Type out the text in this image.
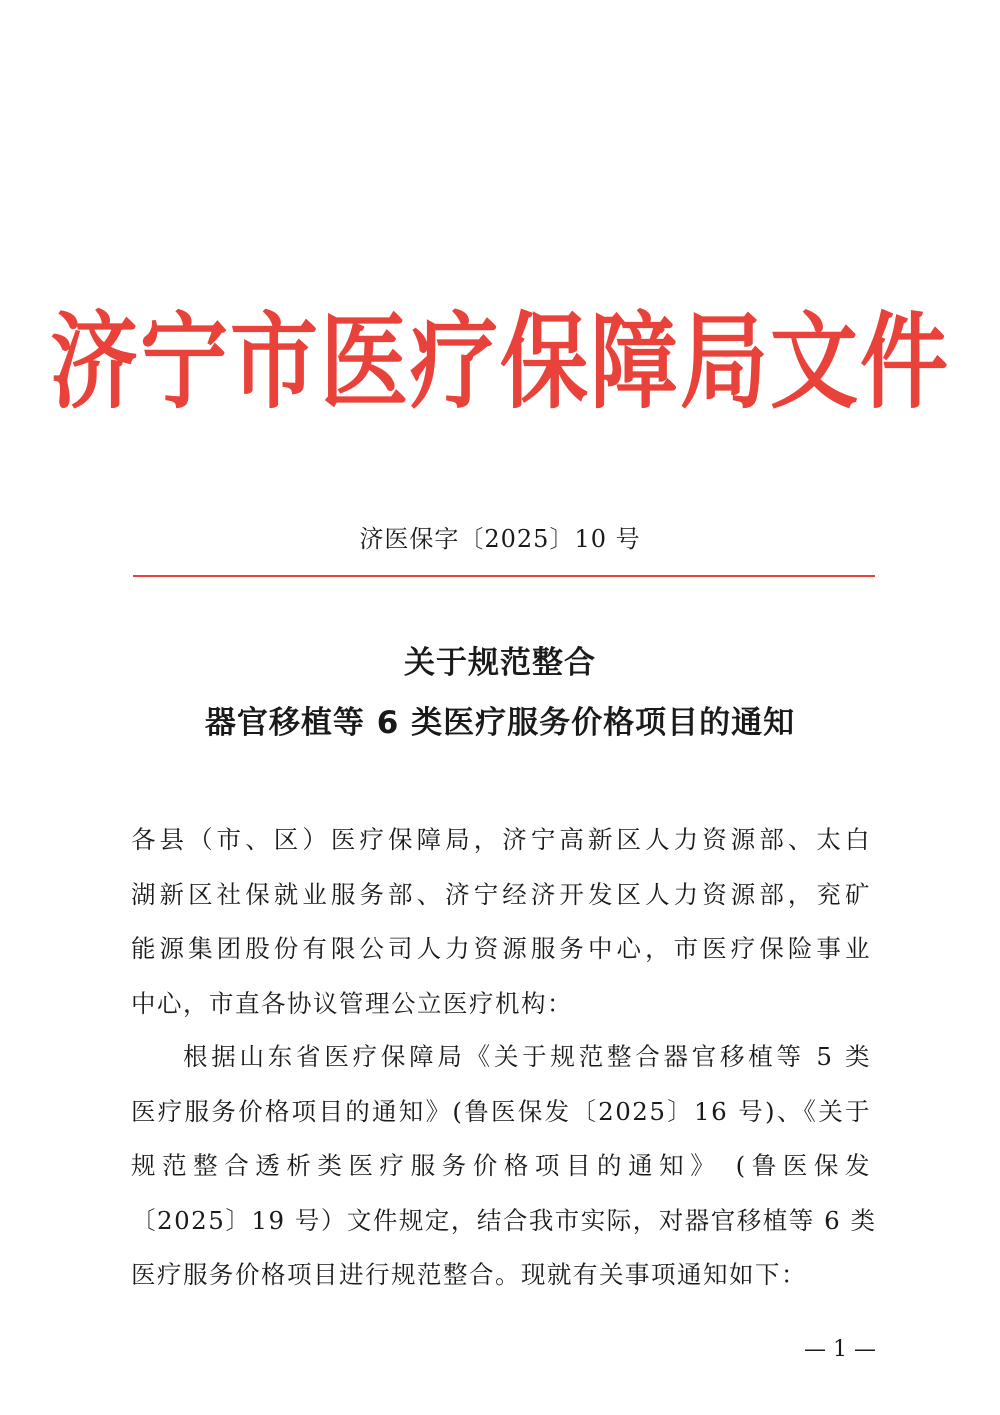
济宁市医疗保障局文件
济医保字〔2025〕10 号
关于规范整合
器官移植等 6 类医疗服务价格项目的通知
各县（市、区）医疗保障局，济宁高新区人力资源部、太白
湖新区社保就业服务部、济宁经济开发区人力资源部，兖矿
能源集团股份有限公司人力资源服务中心，市医疗保险事业
中心，市直各协议管理公立医疗机构：
根据山东省医疗保障局《关于规范整合器官移植等 5 类
医疗服务价格项目的通知》(鲁医保发〔2025〕16 号)、《关于
规范整合透析类医疗服务价格项目的通知》 (鲁医保发
〔2025〕19 号）文件规定，结合我市实际，对器官移植等 6 类
医疗服务价格项目进行规范整合。现就有关事项通知如下：
— 1 —
